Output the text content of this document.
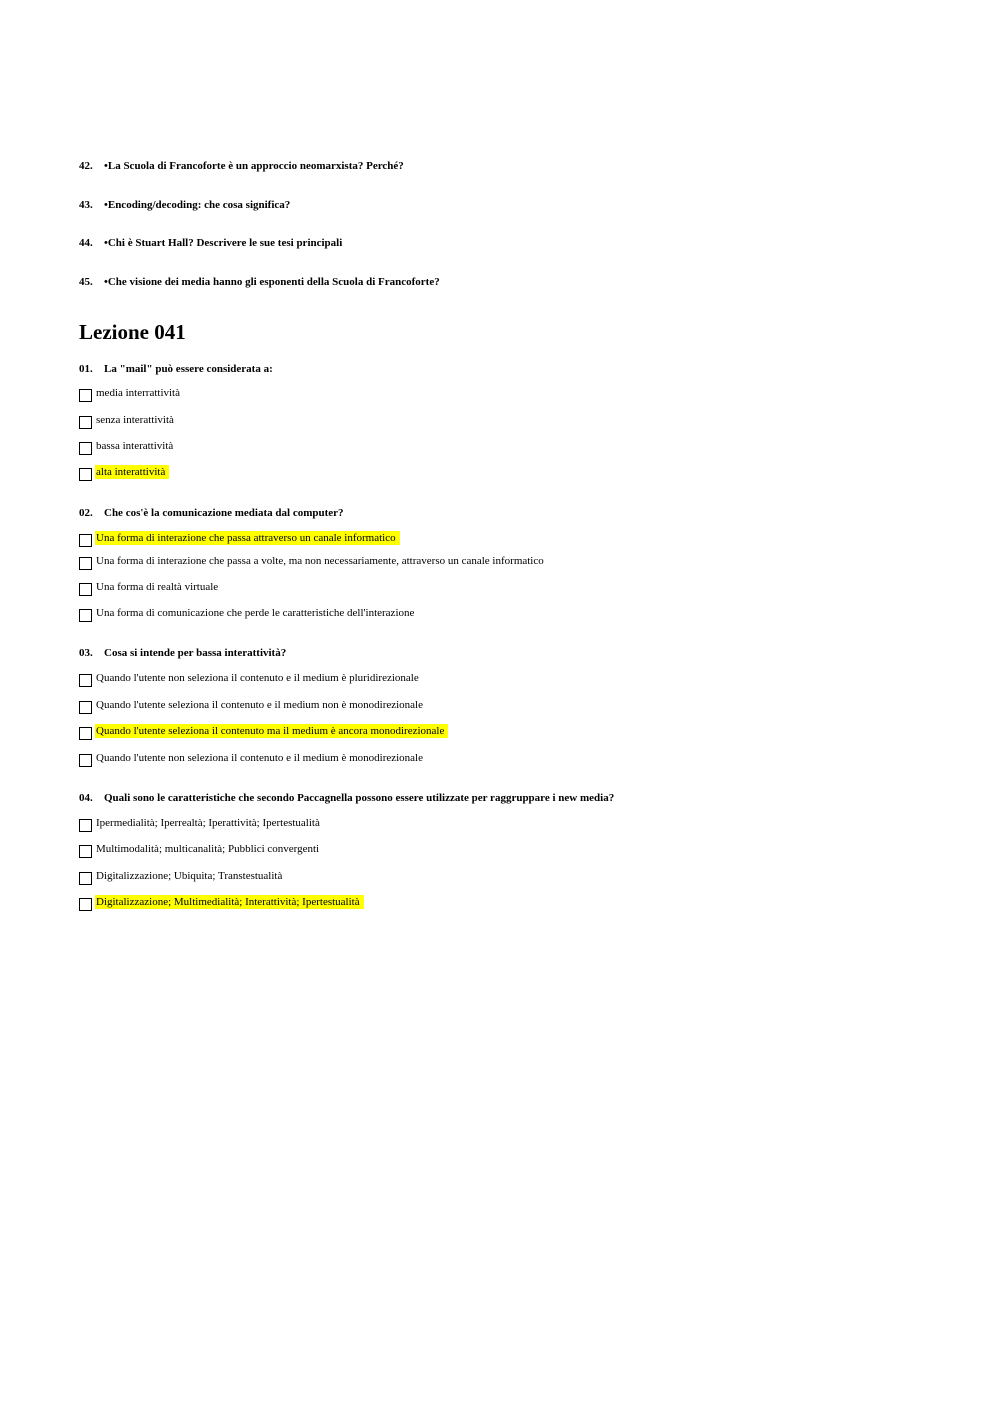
42. •La Scuola di Francoforte è un approccio neomarxista? Perché?
43. •Encoding/decoding: che cosa significa?
44. •Chi è Stuart Hall? Descrivere le sue tesi principali
45. •Che visione dei media hanno gli esponenti della Scuola di Francoforte?
Lezione 041
01. La "mail" può essere considerata a:
media interrattività
senza interattività
bassa interattività
alta interattività
02. Che cos'è la comunicazione mediata dal computer?
Una forma di interazione che passa attraverso un canale informatico
Una forma di interazione che passa a volte, ma non necessariamente, attraverso un canale informatico
Una forma di realtà virtuale
Una forma di comunicazione che perde le caratteristiche dell'interazione
03. Cosa si intende per bassa interattività?
Quando l'utente non seleziona il contenuto e il medium è pluridirezionale
Quando l'utente seleziona il contenuto e il medium non è monodirezionale
Quando l'utente seleziona il contenuto ma il medium è ancora monodirezionale
Quando l'utente non seleziona il contenuto e il medium è monodirezionale
04. Quali sono le caratteristiche che secondo Paccagnella possono essere utilizzate per raggruppare i new media?
Ipermedialità; Iperrealtà; Iperattività; Ipertestualità
Multimodalità; multicanalità; Pubblici convergenti
Digitalizzazione; Ubiquita; Transtestualità
Digitalizzazione; Multimedialità; Interattività; Ipertestualità
